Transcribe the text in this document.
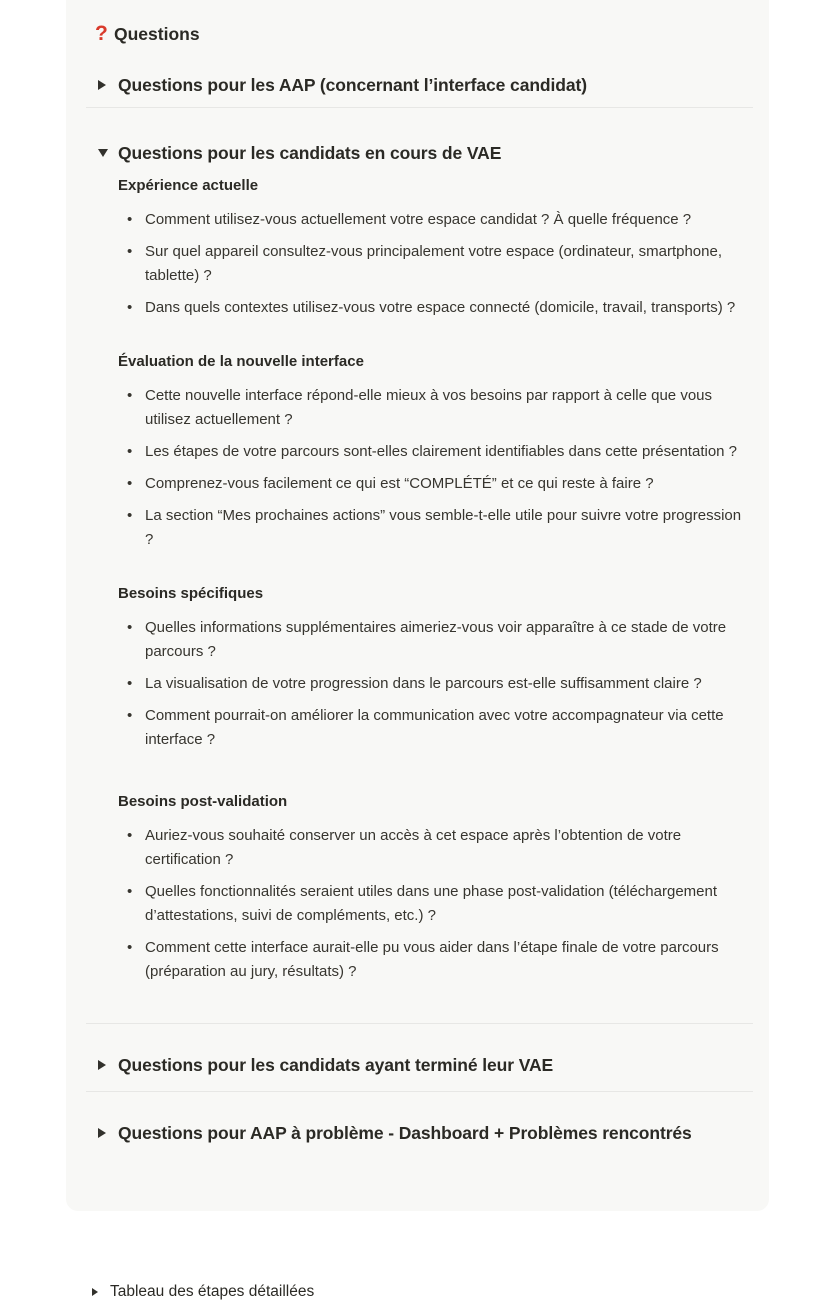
? Questions
Questions pour les AAP (concernant l’interface candidat)
Questions pour les candidats en cours de VAE
Expérience actuelle
•
Comment utilisez-vous actuellement votre espace candidat ? À quelle fréquence ?
•
Sur quel appareil consultez-vous principalement votre espace (ordinateur, smartphone, tablette) ?
•
Dans quels contextes utilisez-vous votre espace connecté (domicile, travail, transports) ?
Évaluation de la nouvelle interface
•
Cette nouvelle interface répond-elle mieux à vos besoins par rapport à celle que vous utilisez actuellement ?
•
Les étapes de votre parcours sont-elles clairement identifiables dans cette présentation ?
•
Comprenez-vous facilement ce qui est “COMPLÉTÉ” et ce qui reste à faire ?
•
La section “Mes prochaines actions” vous semble-t-elle utile pour suivre votre progression ?
Besoins spécifiques
•
Quelles informations supplémentaires aimeriez-vous voir apparaître à ce stade de votre parcours ?
•
La visualisation de votre progression dans le parcours est-elle suffisamment claire ?
•
Comment pourrait-on améliorer la communication avec votre accompagnateur via cette interface ?
Besoins post-validation
•
Auriez-vous souhaité conserver un accès à cet espace après l’obtention de votre certification ?
•
Quelles fonctionnalités seraient utiles dans une phase post-validation (téléchargement d’attestations, suivi de compléments, etc.) ?
•
Comment cette interface aurait-elle pu vous aider dans l’étape finale de votre parcours (préparation au jury, résultats) ?
Questions pour les candidats ayant terminé leur VAE
Questions pour AAP à problème - Dashboard + Problèmes rencontrés
Tableau des étapes détaillées
